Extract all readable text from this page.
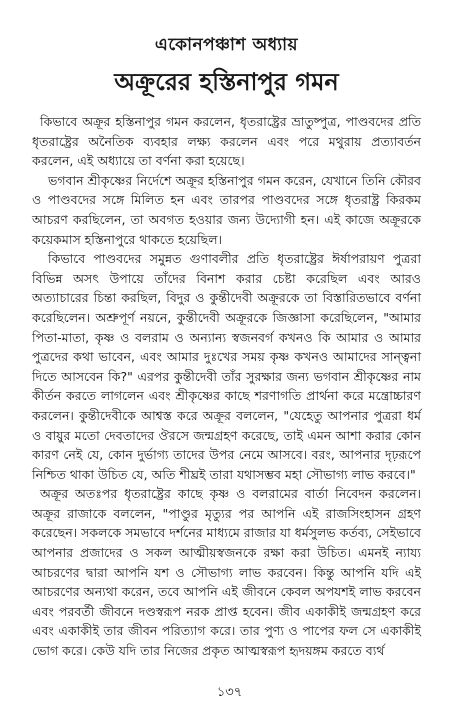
একোনপঞ্চাশ অধ্যায়
অক্রূরের হস্তিনাপুর গমন

কিভাবে অক্রূর হস্তিনাপুর গমন করলেন, ধৃতরাষ্ট্রের ভ্রাতুষ্পুত্র, পাণ্ডবদের প্রতি ধৃতরাষ্ট্রের অনৈতিক ব্যবহার লক্ষ্য করলেন এবং পরে মথুরায় প্রত্যাবর্তন করলেন, এই অধ্যায়ে তা বর্ণনা করা হয়েছে।

ভগবান শ্রীকৃষ্ণের নির্দেশে অক্রূর হস্তিনাপুর গমন করেন, যেখানে তিনি কৌরব ও পাণ্ডবদের সঙ্গে মিলিত হন এবং তারপর পাণ্ডবদের সঙ্গে ধৃতরাষ্ট্র কিরকম আচরণ করছিলেন, তা অবগত হওয়ার জন্য উদ্যোগী হন। এই কাজে অক্রূরকে কয়েকমাস হস্তিনাপুরে থাকতে হয়েছিল।

কিভাবে পাণ্ডবদের সমুন্নত গুণাবলীর প্রতি ধৃতরাষ্ট্রের ঈর্ষাপরায়ণ পুত্ররা বিভিন্ন অসৎ উপায়ে তাঁদের বিনাশ করার চেষ্টা করেছিল এবং আরও অত্যাচারের চিন্তা করছিল, বিদুর ও কুন্তীদেবী অক্রূরকে তা বিস্তারিতভাবে বর্ণনা করেছিলেন। অশ্রুপূর্ণ নয়নে, কুন্তীদেবী অক্রূরকে জিজ্ঞাসা করেছিলেন, "আমার পিতা-মাতা, কৃষ্ণ ও বলরাম ও অন্যান্য স্বজনবর্গ কখনও কি আমার ও আমার পুত্রদের কথা ভাবেন, এবং আমার দুঃখের সময় কৃষ্ণ কখনও আমাদের সান্ত্বনা দিতে আসবেন কি?" এরপর কুন্তীদেবী তাঁর সুরক্ষার জন্য ভগবান শ্রীকৃষ্ণের নাম কীর্তন করতে লাগলেন এবং শ্রীকৃষ্ণের কাছে শরণাগতি প্রার্থনা করে মন্ত্রোচ্চারণ করলেন। কুন্তীদেবীকে আশ্বস্ত করে অক্রূর বললেন, "যেহেতু আপনার পুত্ররা ধর্ম ও বায়ুর মতো দেবতাদের ঔরসে জন্মগ্রহণ করেছে, তাই এমন আশা করার কোন কারণ নেই যে, কোন দুর্ভাগ্য তাদের উপর নেমে আসবে। বরং, আপনার দৃঢ়রূপে নিশ্চিত থাকা উচিত যে, অতি শীঘ্রই তারা যথাসম্ভব মহা সৌভাগ্য লাভ করবে।"

অক্রূর অতঃপর ধৃতরাষ্ট্রের কাছে কৃষ্ণ ও বলরামের বার্তা নিবেদন করলেন। অক্রূর রাজাকে বললেন, "পাণ্ডুর মৃত্যুর পর আপনি এই রাজসিংহাসন গ্রহণ করেছেন। সকলকে সমভাবে দর্শনের মাধ্যমে রাজার যা ধর্মসুলভ কর্তব্য, সেইভাবে আপনার প্রজাদের ও সকল আত্মীয়স্বজনকে রক্ষা করা উচিত। এমনই ন্যায্য আচরণের দ্বারা আপনি যশ ও সৌভাগ্য লাভ করবেন। কিন্তু আপনি যদি এই আচরণের অন্যথা করেন, তবে আপনি এই জীবনে কেবল অপযশই লাভ করবেন এবং পরবর্তী জীবনে দণ্ডস্বরূপ নরক প্রাপ্ত হবেন। জীব একাকীই জন্মগ্রহণ করে এবং একাকীই তার জীবন পরিত্যাগ করে। তার পুণ্য ও পাপের ফল সে একাকীই ভোগ করে। কেউ যদি তার নিজের প্রকৃত আত্মস্বরূপ হৃদয়ঙ্গম করতে ব্যর্থ

১৩৭
